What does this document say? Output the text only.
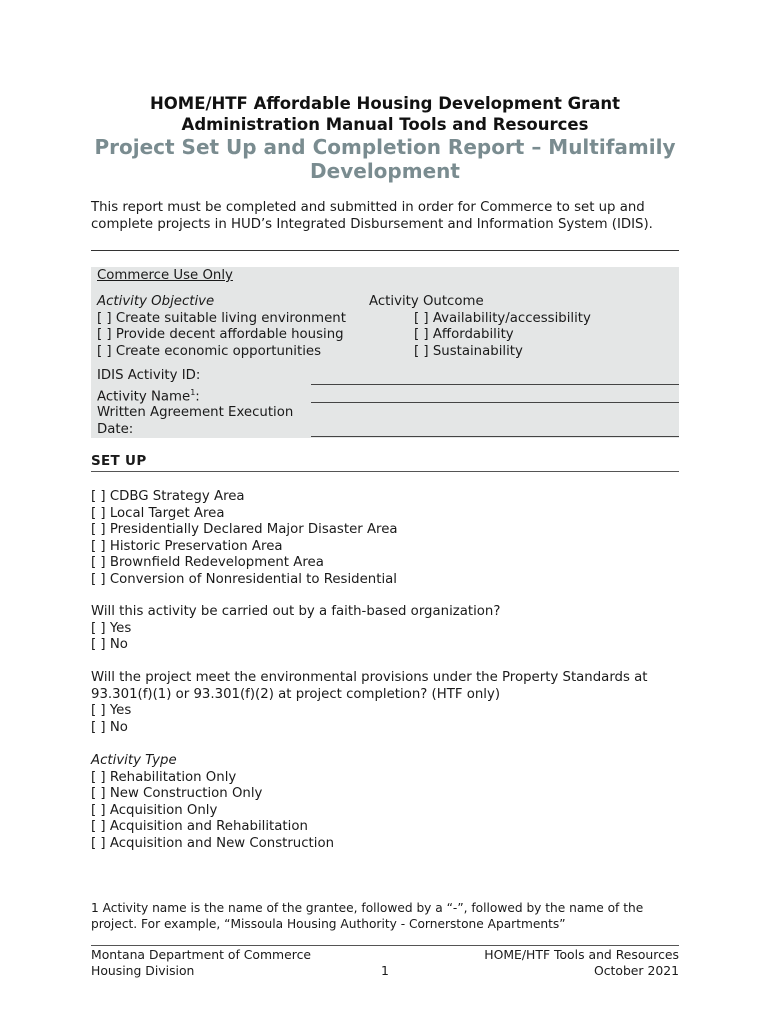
HOME/HTF Affordable Housing Development Grant
Administration Manual Tools and Resources
Project Set Up and Completion Report – Multifamily
Development
This report must be completed and submitted in order for Commerce to set up and
complete projects in HUD’s Integrated Disbursement and Information System (IDIS).
Commerce Use Only
Activity Objective
[ ] Create suitable living environment
[ ] Provide decent affordable housing
[ ] Create economic opportunities
Activity Outcome
[ ] Availability/accessibility
[ ] Affordability
[ ] Sustainability
IDIS Activity ID:
Activity Name$^1$:
Written Agreement Execution
Date:
SET UP
[ ] CDBG Strategy Area
[ ] Local Target Area
[ ] Presidentially Declared Major Disaster Area
[ ] Historic Preservation Area
[ ] Brownfield Redevelopment Area
[ ] Conversion of Nonresidential to Residential
Will this activity be carried out by a faith-based organization?
[ ] Yes
[ ] No
Will the project meet the environmental provisions under the Property Standards at
93.301(f)(1) or 93.301(f)(2) at project completion? (HTF only)
[ ] Yes
[ ] No
Activity Type
[ ] Rehabilitation Only
[ ] New Construction Only
[ ] Acquisition Only
[ ] Acquisition and Rehabilitation
[ ] Acquisition and New Construction
1 Activity name is the name of the grantee, followed by a “-”, followed by the name of the
project. For example, “Missoula Housing Authority - Cornerstone Apartments”
Montana Department of Commerce
Housing Division	1
HOME/HTF Tools and Resources
October 2021
